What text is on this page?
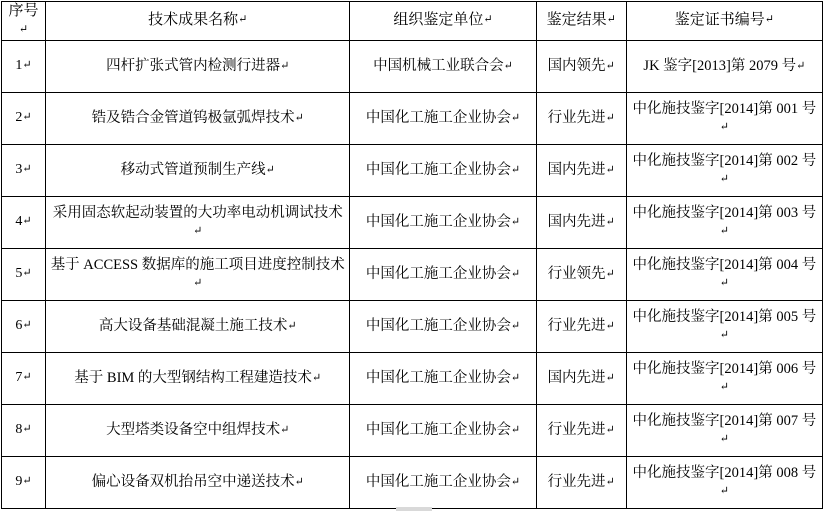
序号↵	技术成果名称↵	组织鉴定单位↵	鉴定结果↵	鉴定证书编号↵
1↵	四杆扩张式管内检测行进器↵	中国机械工业联合会↵	国内领先↵	JK 鉴字[2013]第 2079 号↵
2↵	锆及锆合金管道钨极氩弧焊技术↵	中国化工施工企业协会↵	行业先进↵	中化施技鉴字[2014]第 001 号↵
3↵	移动式管道预制生产线↵	中国化工施工企业协会↵	国内先进↵	中化施技鉴字[2014]第 002 号↵
4↵	采用固态软起动装置的大功率电动机调试技术↵	中国化工施工企业协会↵	国内先进↵	中化施技鉴字[2014]第 003 号↵
5↵	基于 ACCESS 数据库的施工项目进度控制技术↵	中国化工施工企业协会↵	行业领先↵	中化施技鉴字[2014]第 004 号↵
6↵	高大设备基础混凝土施工技术↵	中国化工施工企业协会↵	行业先进↵	中化施技鉴字[2014]第 005 号↵
7↵	基于 BIM 的大型钢结构工程建造技术↵	中国化工施工企业协会↵	国内先进↵	中化施技鉴字[2014]第 006 号↵
8↵	大型塔类设备空中组焊技术↵	中国化工施工企业协会↵	行业先进↵	中化施技鉴字[2014]第 007 号↵
9↵	偏心设备双机抬吊空中递送技术↵	中国化工施工企业协会↵	行业先进↵	中化施技鉴字[2014]第 008 号↵
